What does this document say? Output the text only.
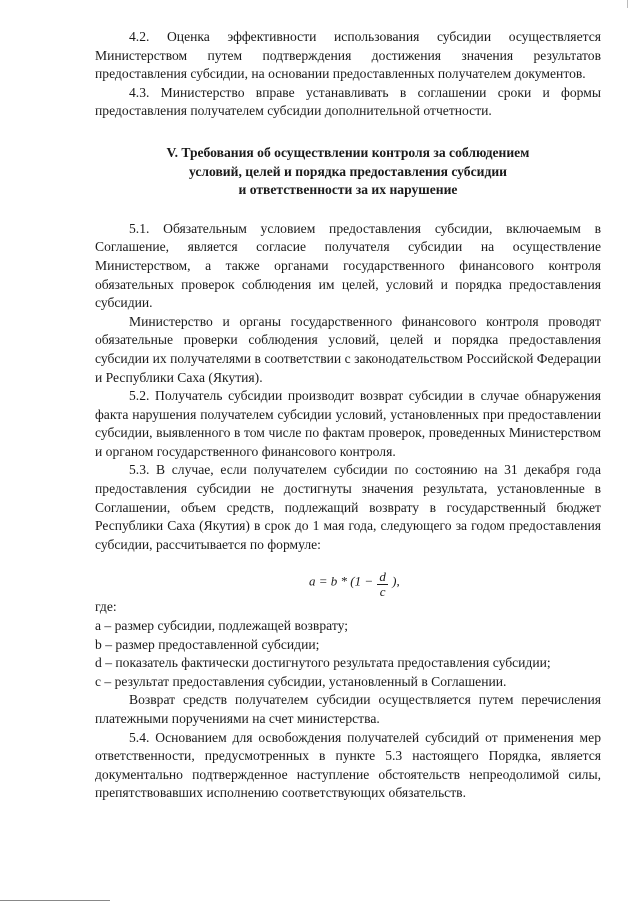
4.2. Оценка эффективности использования субсидии осуществляется Министерством путем подтверждения достижения значения результатов предоставления субсидии, на основании предоставленных получателем документов.

4.3. Министерство вправе устанавливать в соглашении сроки и формы предоставления получателем субсидии дополнительной отчетности.

V. Требования об осуществлении контроля за соблюдением
условий, целей и порядка предоставления субсидии
и ответственности за их нарушение

5.1. Обязательным условием предоставления субсидии, включаемым в Соглашение, является согласие получателя субсидии на осуществление Министерством, а также органами государственного финансового контроля обязательных проверок соблюдения им целей, условий и порядка предоставления субсидии.

Министерство и органы государственного финансового контроля проводят обязательные проверки соблюдения условий, целей и порядка предоставления субсидии их получателями в соответствии с законодательством Российской Федерации и Республики Саха (Якутия).

5.2. Получатель субсидии производит возврат субсидии в случае обнаружения факта нарушения получателем субсидии условий, установленных при предоставлении субсидии, выявленного в том числе по фактам проверок, проведенных Министерством и органом государственного финансового контроля.

5.3. В случае, если получателем субсидии по состоянию на 31 декабря года предоставления субсидии не достигнуты значения результата, установленные в Соглашении, объем средств, подлежащий возврату в государственный бюджет Республики Саха (Якутия) в срок до 1 мая года, следующего за годом предоставления субсидии, рассчитывается по формуле:

$a = b * (1 - \frac{d}{c}$ ),

где:

а – размер субсидии, подлежащей возврату;

b – размер предоставленной субсидии;

d – показатель фактически достигнутого результата предоставления субсидии;

с – результат предоставления субсидии, установленный в Соглашении.

Возврат средств получателем субсидии осуществляется путем перечисления платежными поручениями на счет министерства.

5.4. Основанием для освобождения получателей субсидий от применения мер ответственности, предусмотренных в пункте 5.3 настоящего Порядка, является документально подтвержденное наступление обстоятельств непреодолимой силы, препятствовавших исполнению соответствующих обязательств.
